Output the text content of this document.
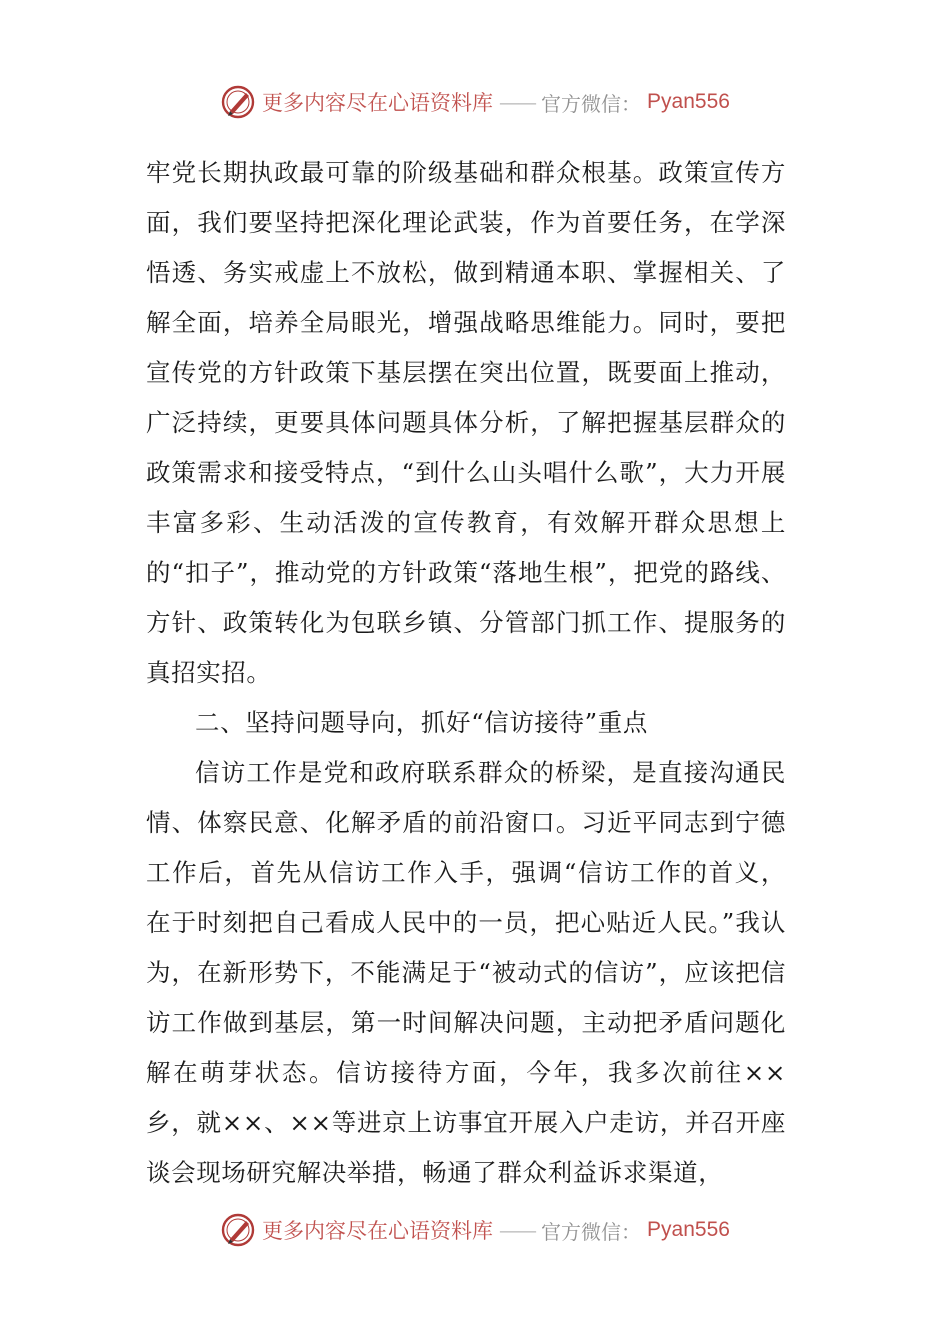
更多内容尽在心语资料库 —— 官方微信： Pyan556

牢党长期执政最可靠的阶级基础和群众根基。政策宣传方面，我们要坚持把深化理论武装，作为首要任务，在学深悟透、务实戒虚上不放松，做到精通本职、掌握相关、了解全面，培养全局眼光，增强战略思维能力。同时，要把宣传党的方针政策下基层摆在突出位置，既要面上推动，广泛持续，更要具体问题具体分析，了解把握基层群众的政策需求和接受特点，“到什么山头唱什么歌”，大力开展丰富多彩、生动活泼的宣传教育，有效解开群众思想上的“扣子”，推动党的方针政策“落地生根”，把党的路线、方针、政策转化为包联乡镇、分管部门抓工作、提服务的真招实招。

二、坚持问题导向，抓好“信访接待”重点

信访工作是党和政府联系群众的桥梁，是直接沟通民情、体察民意、化解矛盾的前沿窗口。习近平同志到宁德工作后，首先从信访工作入手，强调“信访工作的首义，在于时刻把自己看成人民中的一员，把心贴近人民。”我认为，在新形势下，不能满足于“被动式的信访”，应该把信访工作做到基层，第一时间解决问题，主动把矛盾问题化解在萌芽状态。信访接待方面，今年，我多次前往××乡，就××、××等进京上访事宜开展入户走访，并召开座谈会现场研究解决举措，畅通了群众利益诉求渠道，

更多内容尽在心语资料库 —— 官方微信： Pyan556
